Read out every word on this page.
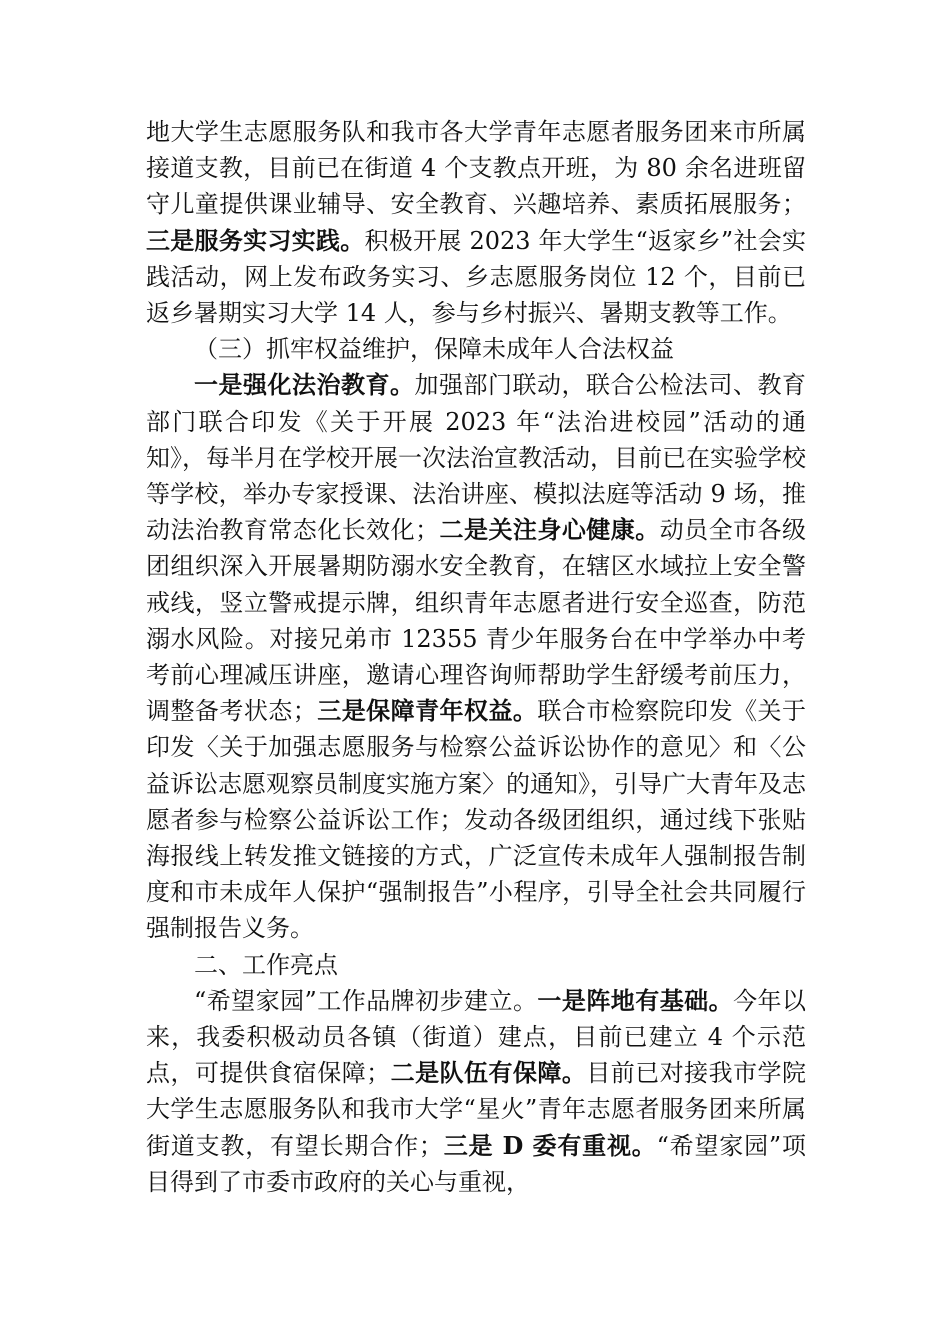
地大学生志愿服务队和我市各大学青年志愿者服务团来市所属接道支教，目前已在街道 4 个支教点开班，为 80 余名进班留守儿童提供课业辅导、安全教育、兴趣培养、素质拓展服务；三是服务实习实践。积极开展 2023 年大学生“返家乡”社会实践活动，网上发布政务实习、乡志愿服务岗位 12 个，目前已返乡暑期实习大学 14 人，参与乡村振兴、暑期支教等工作。

（三）抓牢权益维护，保障未成年人合法权益

一是强化法治教育。加强部门联动，联合公检法司、教育部门联合印发《关于开展 2023 年“法治进校园”活动的通知》，每半月在学校开展一次法治宣教活动，目前已在实验学校等学校，举办专家授课、法治讲座、模拟法庭等活动 9 场，推动法治教育常态化长效化；二是关注身心健康。动员全市各级团组织深入开展暑期防溺水安全教育，在辖区水域拉上安全警戒线，竖立警戒提示牌，组织青年志愿者进行安全巡查，防范溺水风险。对接兄弟市 12355 青少年服务台在中学举办中考考前心理减压讲座，邀请心理咨询师帮助学生舒缓考前压力，调整备考状态；三是保障青年权益。联合市检察院印发《关于印发〈关于加强志愿服务与检察公益诉讼协作的意见〉和〈公益诉讼志愿观察员制度实施方案〉的通知》，引导广大青年及志愿者参与检察公益诉讼工作；发动各级团组织，通过线下张贴海报线上转发推文链接的方式，广泛宣传未成年人强制报告制度和市未成年人保护“强制报告”小程序，引导全社会共同履行强制报告义务。

二、工作亮点

“希望家园”工作品牌初步建立。一是阵地有基础。今年以来，我委积极动员各镇（街道）建点，目前已建立 4 个示范点，可提供食宿保障；二是队伍有保障。目前已对接我市学院大学生志愿服务队和我市大学“星火”青年志愿者服务团来所属街道支教，有望长期合作；三是 D 委有重视。“希望家园”项目得到了市委市政府的关心与重视，
